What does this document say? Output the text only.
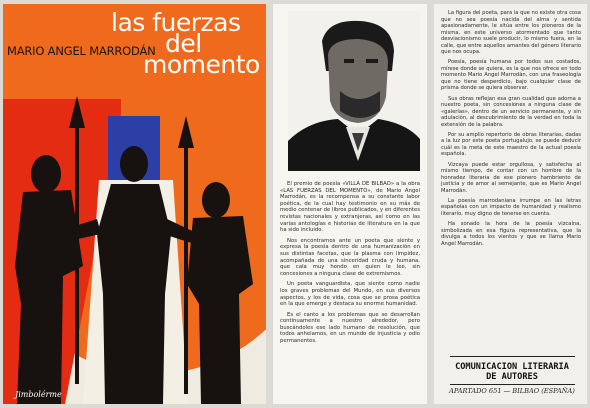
MARIO ANGEL MARRODÁN
las fuerzas
del
momento
Jimbolérme

El premio de poesía «VILLA DE BILBAO» a la obra «LAS FUERZAS DEL MOMENTO», de Mario Angel Marrodán, es la recompensa a su constante labor poética, de la cual hay testimonio en su más de medio centenar de libros publicados, y en diferentes revistas nacionales y extranjeras, así como en las varias antologías e historias de literatura en la que ha sido incluido.

Nos encontramos ante un poeta que siente y expresa la poesía dentro de una humanización en sus distintas facetas, que la plasma con limpidez, acompañada de una sinceridad cruda y humana, que cala muy hondo en quien le lee, sin concesiones a ninguna clase de extremismos.

Un poeta vanguardista, que siente como nadie los graves problemas del Mundo, en sus diversos aspectos, y los de vida, cosa que se prosa poética en la que emerge y destaca su enorme humanidad.

Es el canto a los problemas que se desarrollan continuamente a nuestro alrededor, pero buscándoles ese lado humano de resolución, que todos anhelamos, en un mundo de injusticia y odio permanentes.

La figura del poeta, para la que no existe otra cosa que no sea poesía nacida del alma y sentida apasionadamente, le sitúa entre los pioneros de la misma, en este universo atormentado que tanto desviacionismo suele producir, lo mismo fuera, en la calle, que entre aquellos amantes del género literario que nos ocupa.

Poesía, poesía humana por todos sus costados, mírese donde se quiera, es la que nos ofrece en todo momento Mario Angel Marrodán, con una fraseología que no tiene desperdicio, bajo cualquier clase de prisma donde se quiera observar.

Sus obras reflejan esa gran cualidad que adorna a nuestro poeta, sin concesiones a ninguna clase de «galerías», dentro de un servicio permanente, y sin adulación, al descubrimiento de la verdad en toda la extensión de la palabra.

Por su amplio repertorio de obras literarias, dadas a la luz por este poeta portugalujo, se puede deducir cuál es la meta de este maestro de la actual poesía española.

Vizcaya puede estar orgullosa, y satisfecha al mismo tiempo, de contar con un hombre de la honradez literaria de ese pionero hambriento de justicia y de amor al semejante, que es Mario Angel Marrodán.

La poesía marrodaniana irrumpe en las letras españolas con un impacto de humanidad y realismo literario, muy digno de tenerse en cuenta.

Ha sonado la hora de la poesía vizcaína, simbolizada en esa figura representativa, que la divulga a todos los vientos y que se llama Mario Angel Marrodán.

COMUNICACION LITERARIA
DE AUTORES
APARTADO 651 — BILBAO (ESPAÑA)
